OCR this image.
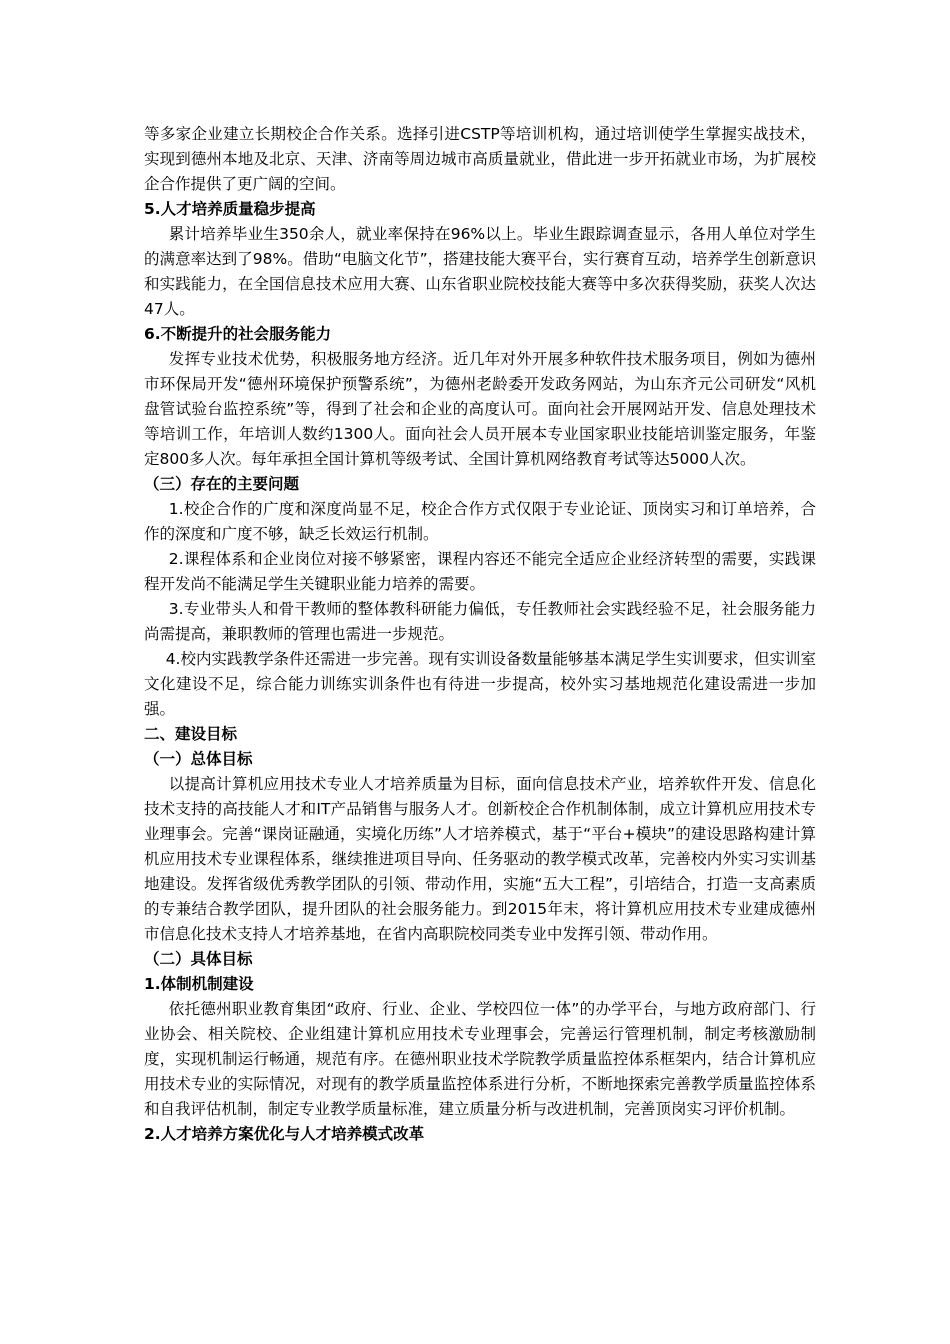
等多家企业建立长期校企合作关系。选择引进CSTP等培训机构，通过培训使学生掌握实战技术，实现到德州本地及北京、天津、济南等周边城市高质量就业，借此进一步开拓就业市场，为扩展校企合作提供了更广阔的空间。

5.人才培养质量稳步提高

累计培养毕业生350余人，就业率保持在96%以上。毕业生跟踪调查显示，各用人单位对学生的满意率达到了98%。借助“电脑文化节”，搭建技能大赛平台，实行赛育互动，培养学生创新意识和实践能力，在全国信息技术应用大赛、山东省职业院校技能大赛等中多次获得奖励，获奖人次达47人。

6.不断提升的社会服务能力

发挥专业技术优势，积极服务地方经济。近几年对外开展多种软件技术服务项目，例如为德州市环保局开发“德州环境保护预警系统”，为德州老龄委开发政务网站，为山东齐元公司研发“风机盘管试验台监控系统”等，得到了社会和企业的高度认可。面向社会开展网站开发、信息处理技术等培训工作，年培训人数约1300人。面向社会人员开展本专业国家职业技能培训鉴定服务，年鉴定800多人次。每年承担全国计算机等级考试、全国计算机网络教育考试等达5000人次。

（三）存在的主要问题

1.校企合作的广度和深度尚显不足，校企合作方式仅限于专业论证、顶岗实习和订单培养，合作的深度和广度不够，缺乏长效运行机制。

2.课程体系和企业岗位对接不够紧密，课程内容还不能完全适应企业经济转型的需要，实践课程开发尚不能满足学生关键职业能力培养的需要。

3.专业带头人和骨干教师的整体教科研能力偏低，专任教师社会实践经验不足，社会服务能力尚需提高，兼职教师的管理也需进一步规范。

4.校内实践教学条件还需进一步完善。现有实训设备数量能够基本满足学生实训要求，但实训室文化建设不足，综合能力训练实训条件也有待进一步提高，校外实习基地规范化建设需进一步加强。

二、建设目标

（一）总体目标

以提高计算机应用技术专业人才培养质量为目标，面向信息技术产业，培养软件开发、信息化技术支持的高技能人才和IT产品销售与服务人才。创新校企合作机制体制，成立计算机应用技术专业理事会。完善“课岗证融通，实境化历练”人才培养模式，基于“平台+模块”的建设思路构建计算机应用技术专业课程体系，继续推进项目导向、任务驱动的教学模式改革，完善校内外实习实训基地建设。发挥省级优秀教学团队的引领、带动作用，实施“五大工程”，引培结合，打造一支高素质的专兼结合教学团队，提升团队的社会服务能力。到2015年末，将计算机应用技术专业建成德州市信息化技术支持人才培养基地，在省内高职院校同类专业中发挥引领、带动作用。

（二）具体目标

1.体制机制建设

依托德州职业教育集团“政府、行业、企业、学校四位一体”的办学平台，与地方政府部门、行业协会、相关院校、企业组建计算机应用技术专业理事会，完善运行管理机制，制定考核激励制度，实现机制运行畅通，规范有序。在德州职业技术学院教学质量监控体系框架内，结合计算机应用技术专业的实际情况，对现有的教学质量监控体系进行分析，不断地探索完善教学质量监控体系和自我评估机制，制定专业教学质量标准，建立质量分析与改进机制，完善顶岗实习评价机制。

2.人才培养方案优化与人才培养模式改革
